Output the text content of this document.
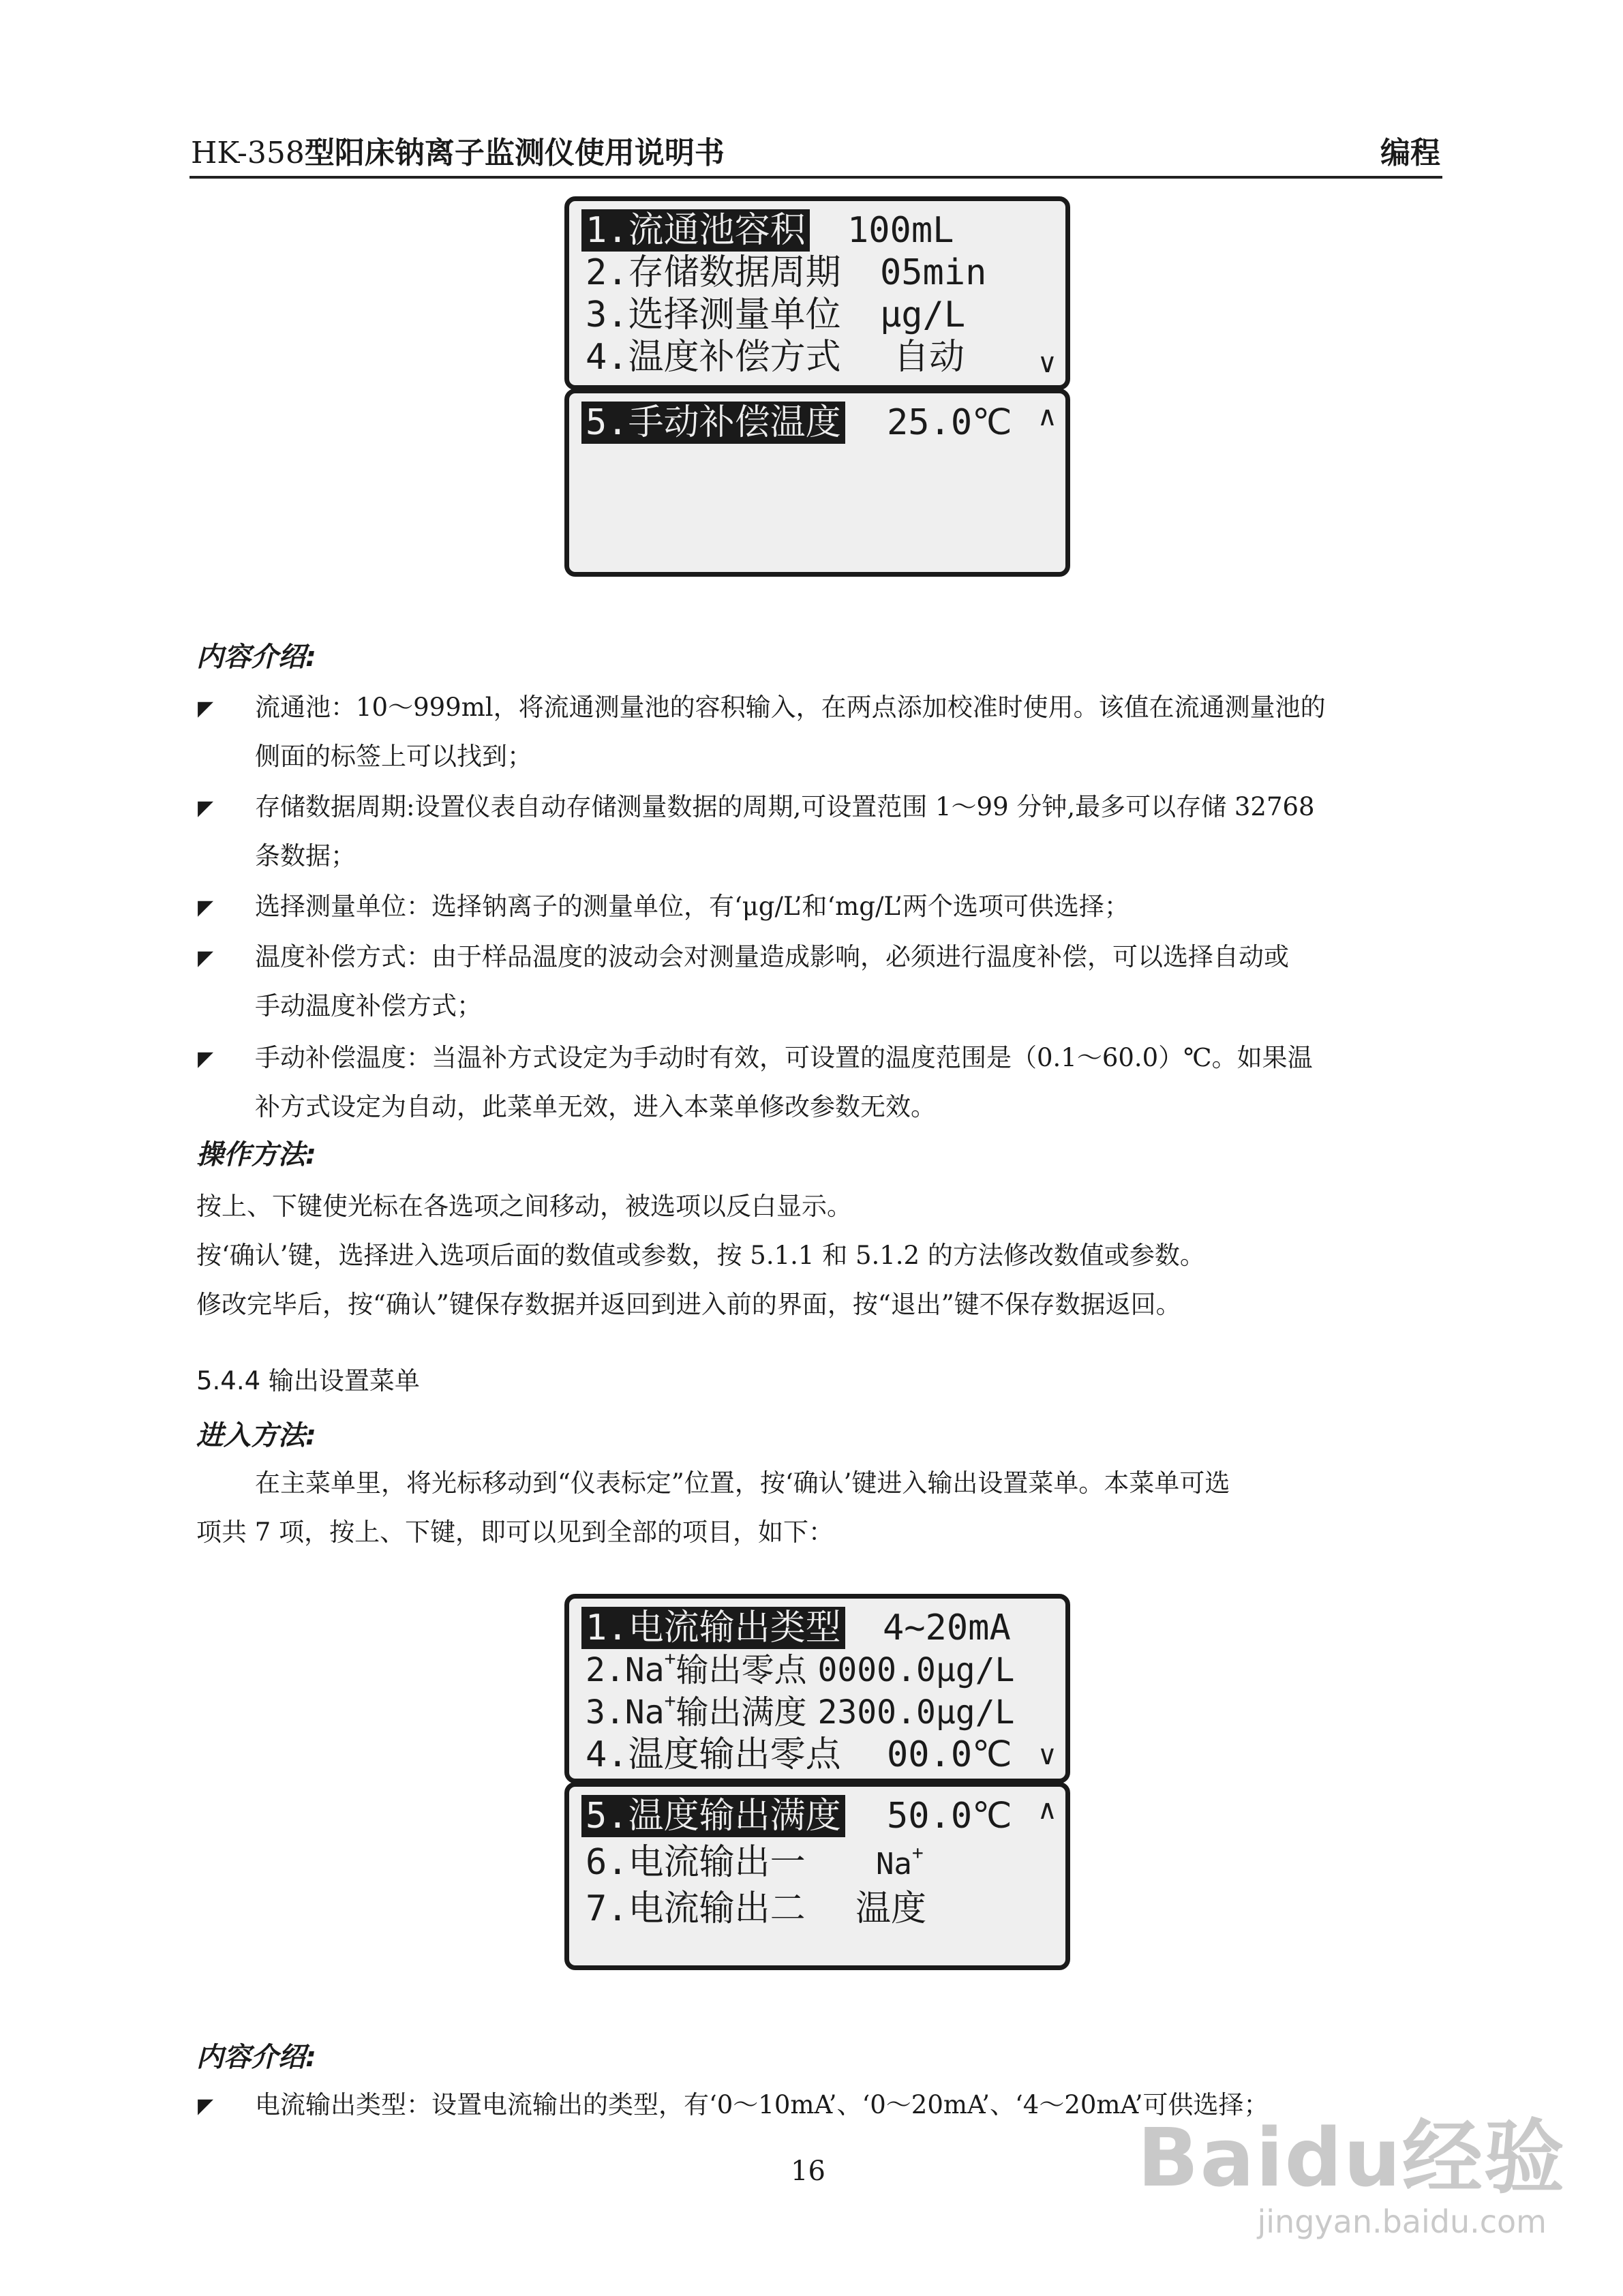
HK-358型阳床钠离子监测仪使用说明书	编程
1.流通池容积 100mL
2.存储数据周期 05min
3.选择测量单位 μg/L
4.温度补偿方式 自动	∨
5.手动补偿温度 25.0℃ ∧
内容介绍:
◤ 流通池：10～999ml，将流通测量池的容积输入，在两点添加校准时使用。该值在流通测量池的
侧面的标签上可以找到；
◤ 存储数据周期:设置仪表自动存储测量数据的周期,可设置范围 1～99 分钟,最多可以存储 32768
条数据；
◤ 选择测量单位：选择钠离子的测量单位，有‘μg/L’和‘mg/L’两个选项可供选择；
◤ 温度补偿方式：由于样品温度的波动会对测量造成影响，必须进行温度补偿，可以选择自动或
手动温度补偿方式；
◤ 手动补偿温度：当温补方式设定为手动时有效，可设置的温度范围是（0.1～60.0）℃。如果温
补方式设定为自动，此菜单无效，进入本菜单修改参数无效。
操作方法:
按上、下键使光标在各选项之间移动，被选项以反白显示。
按‘确认’键，选择进入选项后面的数值或参数，按 5.1.1 和 5.1.2 的方法修改数值或参数。
修改完毕后，按“确认”键保存数据并返回到进入前的界面，按“退出”键不保存数据返回。
5.4.4 输出设置菜单
进入方法:
在主菜单里，将光标移动到“仪表标定”位置，按‘确认’键进入输出设置菜单。本菜单可选
项共 7 项，按上、下键，即可以见到全部的项目，如下：
1.电流输出类型 4~20mA
2.Na+输出零点 0000.0μg/L
3.Na+输出满度 2300.0μg/L
4.温度输出零点 00.0℃ ∨
5.温度输出满度 50.0℃
6.电流输出一 Na+
7.电流输出二 温度
∧
内容介绍:
◤ 电流输出类型：设置电流输出的类型，有‘0～10mA’、‘0～20mA’、‘4～20mA’可供选择；
16	Baidu经验
jingyan.baidu.com
